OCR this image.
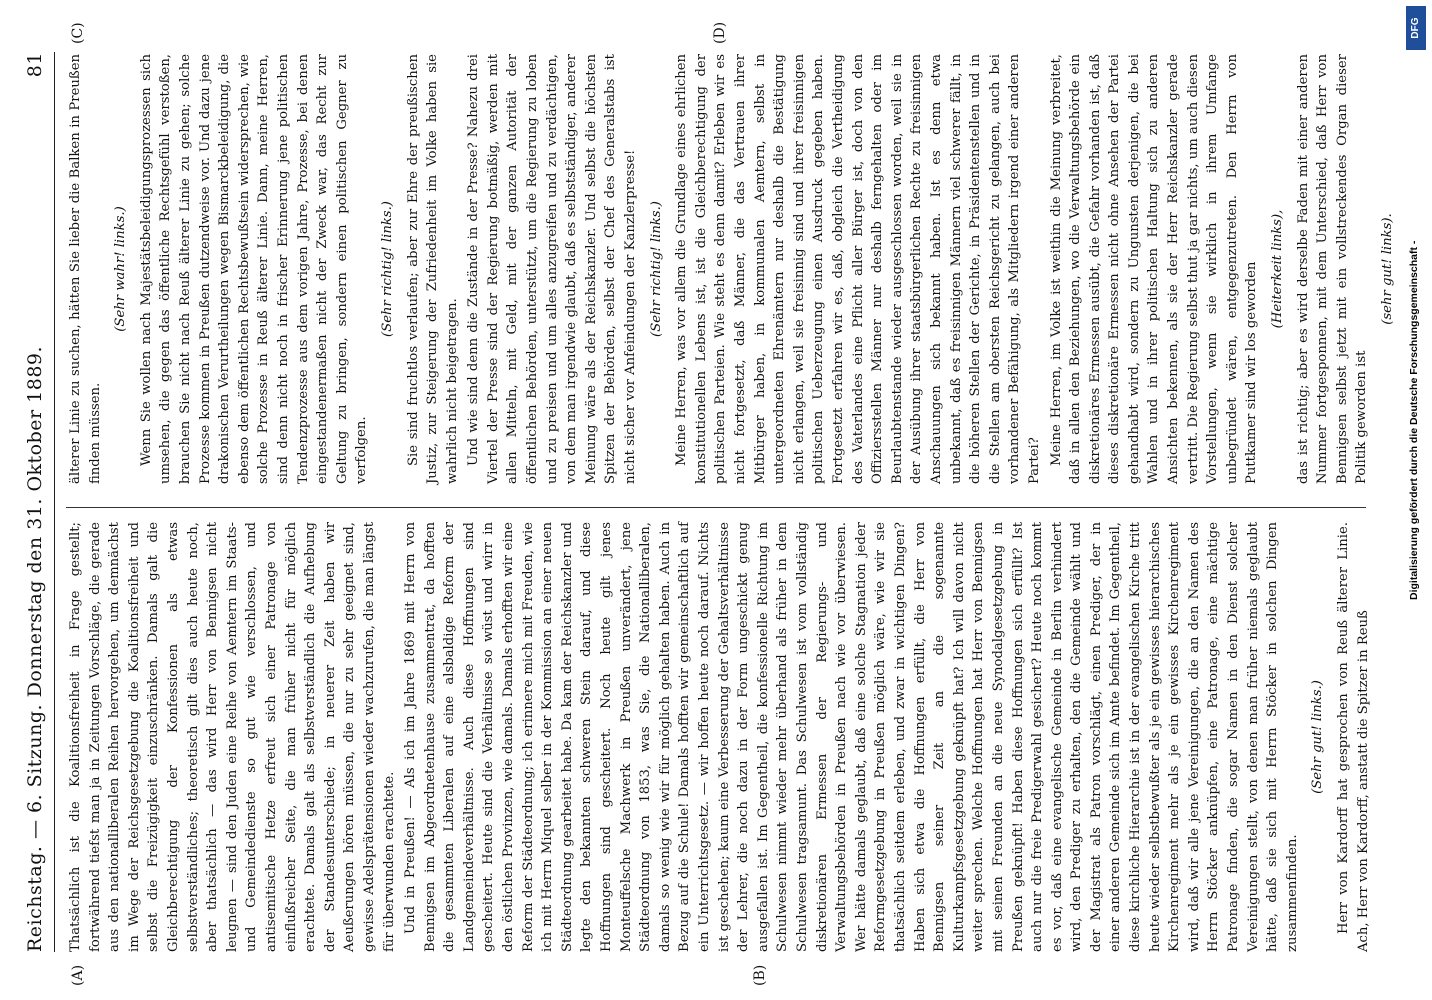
Reichstag. — 6. Sitzung. Donnerstag den 31. Oktober 1889.
81
(A)	(B)
(C)	(D)

Thatsächlich ist die Koalitionsfreiheit in Frage gestellt; fortwährend tiefst man ja in Zeitungen Vorschläge, die gerade aus den nationalliberalen Reihen hervorgehen, um demnächst im Wege der Reichsgesetzgebung die Koalitionsfreiheit und selbst die Freizügigkeit einzuschränken. Damals galt die Gleichberechtigung der Konfessionen als etwas selbstverständliches; theoretisch gilt dies auch heute noch, aber thatsächlich — das wird Herr von Bennigsen nicht leugnen — sind den Juden eine Reihe von Aemtern im Staats- und Gemeindedienste so gut wie verschlossen, und antisemitische Hetze erfreut sich einer Patronage von einflußreicher Seite, die man früher nicht für möglich erachtete. Damals galt als selbstverständlich die Aufhebung der Standesunterschiede; in neuerer Zeit haben wir Aeußerungen hören müssen, die nur zu sehr geeignet sind, gewisse Adelsprätensionen wieder wachzurufen, die man längst für überwunden erachtete. Und in Preußen! — Als ich im Jahre 1869 mit Herrn von Bennigsen im Abgeordnetenhause zusammentrat, da hofften die gesammten Liberalen auf eine alsbaldige Reform der Landgemeindeverhältnisse. Auch diese Hoffnungen sind gescheitert. Heute sind die Verhältnisse so wüst und wirr in den östlichen Provinzen, wie damals. Damals erhofften wir eine Reform der Städteordnung; ich erinnere mich mit Freuden, wie ich mit Herrn Miquel selber in der Kommission an einer neuen Städteordnung gearbeitet habe. Da kam der Reichskanzler und legte den bekannten schweren Stein darauf, und diese Hoffnungen sind gescheitert. Noch heute gilt jenes Monteuffelsche Machwerk in Preußen unverändert, jene Städteordnung von 1853, was Sie, die Nationalliberalen, damals so wenig wie wir für möglich gehalten haben. Auch in Bezug auf die Schule! Damals hofften wir gemeinschaftlich auf ein Unterrichtsgesetz. — wir hoffen heute noch darauf. Nichts ist geschehen; kaum eine Verbesserung der Gehaltsverhältnisse der Lehrer, die noch dazu in der Form ungeschickt genug ausgefallen ist. Im Gegentheil, die konfessionelle Richtung im Schulwesen nimmt wieder mehr überhand als früher in dem Schulwesen tragsamunt. Das Schulwesen ist vom vollständig diskretionären Ermessen der Regierungs- und Verwaltungsbehörden in Preußen nach wie vor überwiesen. Wer hätte damals geglaubt, daß eine solche Stagnation jeder Reformgesetzgebung in Preußen möglich wäre, wie wir sie thatsächlich seitdem erleben, und zwar in wichtigen Dingen? Haben sich etwa die Hoffnungen erfüllt, die Herr von Bennigsen seiner Zeit an die sogenannte Kulturkampfsgesetzgebung geknüpft hat? Ich will davon nicht weiter sprechen. Welche Hoffnungen hat Herr von Bennigsen mit seinen Freunden an die neue Synodalgesetzgebung in Preußen geknüpft! Haben diese Hoffnungen sich erfüllt? Ist auch nur die freie Predigerwahl gesichert? Heute noch kommt es vor, daß eine evangelische Gemeinde in Berlin verhindert wird, den Prediger zu erhalten, den die Gemeinde wählt und der Magistrat als Patron vorschlägt, einen Prediger, der in einer anderen Gemeinde sich im Amte befindet. Im Gegentheil, diese kirchliche Hierarchie ist in der evangelischen Kirche tritt heute wieder selbstbewußter als je ein gewisses hierarchisches Kirchenregiment mehr als je ein gewisses Kirchenregiment wird, daß wir alle jene Vereinigungen, die an den Namen des Herrn Stöcker anknüpfen, eine Patronage, eine mächtige Patronage finden, die sogar Namen in den Dienst solcher Vereinigungen stellt, von denen man früher niemals geglaubt hätte, daß sie sich mit Herrn Stöcker in solchen Dingen zusammenfinden.

(Sehr gut! links.) Herr von Kardorff hat gesprochen von Reuß älterer Linie. Ach, Herr von Kardorff, anstatt die Spitzer in Reuß

älterer Linie zu suchen, hätten Sie lieber die Balken in Preußen finden müssen.

(Sehr wahr! links.) Wenn Sie wollen nach Majestätsbeleidigungsprozessen sich umsehen, die gegen das öffentliche Rechtsgefühl verstoßen, brauchen Sie nicht nach Reuß älterer Linie zu gehen; solche Prozesse kommen in Preußen dutzendweise vor. Und dazu jene drakonischen Verurtheilungen wegen Bismarckbeleidigung, die ebenso dem öffentlichen Rechtsbewußtsein widersprechen, wie solche Prozesse in Reuß älterer Linie. Dann, meine Herren, sind denn nicht noch in frischer Erinnerung jene politischen Tendenzprozesse aus dem vorigen Jahre, Prozesse, bei denen eingestandenermaßen nicht der Zweck war, das Recht zur Geltung zu bringen, sondern einen politischen Gegner zu verfolgen.

(Sehr richtig! links.) Sie sind fruchtlos verlaufen; aber zur Ehre der preußischen Justiz, zur Steigerung der Zufriedenheit im Volke haben sie wahrlich nicht beigetragen. Und wie sind denn die Zustände in der Presse? Nahezu drei Viertel der Presse sind der Regierung botmäßig, werden mit allen Mitteln, mit Geld, mit der ganzen Autorität der öffentlichen Behörden, unterstützt, um die Regierung zu loben und zu preisen und um alles anzugreifen und zu verdächtigen, von dem man irgendwie glaubt, daß es selbstständiger, anderer Meinung wäre als der Reichskanzler. Und selbst die höchsten Spitzen der Behörden, selbst der Chef des Generalstabs ist nicht sicher vor Anfeindungen der Kanzlerpresse! (Sehr richtig! links.) Meine Herren, was vor allem die Grundlage eines ehrlichen konstitutionellen Lebens ist, ist die Gleichberechtigung der politischen Parteien. Wie steht es denn damit? Erleben wir es nicht fortgesetzt, daß Männer, die das Vertrauen ihrer Mitbürger haben, in kommunalen Aemtern, selbst in untergeordneten Ehrenämtern nur deshalb die Bestätigung nicht erlangen, weil sie freisinnig sind und ihrer freisinnigen politischen Ueberzeugung einen Ausdruck gegeben haben. Fortgesetzt erfahren wir es, daß, obgleich die Vertheidigung des Vaterlandes eine Pflicht aller Bürger ist, doch von den Offiziersstellen Männer nur deshalb ferngehalten oder im Beurlaubtenstande wieder ausgeschlossen worden, weil sie in der Ausübung ihrer staatsbürgerlichen Rechte zu freisinnigen Anschauungen sich bekannt haben. Ist es denn etwa unbekannt, daß es freisinnigen Männern viel schwerer fällt, in die höheren Stellen der Gerichte, in Präsidentenstellen und in die Stellen am obersten Reichsgericht zu gelangen, auch bei vorhandener Befähigung, als Mitgliedern irgend einer anderen Partei? Meine Herren, im Volke ist weithin die Meinung verbreitet, daß in allen den Beziehungen, wo die Verwaltungsbehörde ein diskretionäres Ermessen ausübt, die Gefahr vorhanden ist, daß dieses diskretionäre Ermessen nicht ohne Ansehen der Partei gehandhabt wird, sondern zu Ungunsten derjenigen, die bei Wahlen und in ihrer politischen Haltung sich zu anderen Ansichten bekennen, als sie der Herr Reichskanzler gerade vertritt. Die Regierung selbst thut ja gar nichts, um auch diesen Vorstellungen, wenn sie wirklich in ihrem Umfange unbegründet wären, entgegenzutreten. Den Herrn von Puttkamer sind wir los geworden (Heiterkeit links), das ist richtig; aber es wird derselbe Faden mit einer anderen Nummer fortgesponnen, mit dem Unterschied, daß Herr von Bennigsen selbst jetzt mit ein vollstreckendes Organ dieser Politik geworden ist

(sehr gut! links).

DFG
Digitalisierung gefördert durch die Deutsche Forschungsgemeinschaft -
